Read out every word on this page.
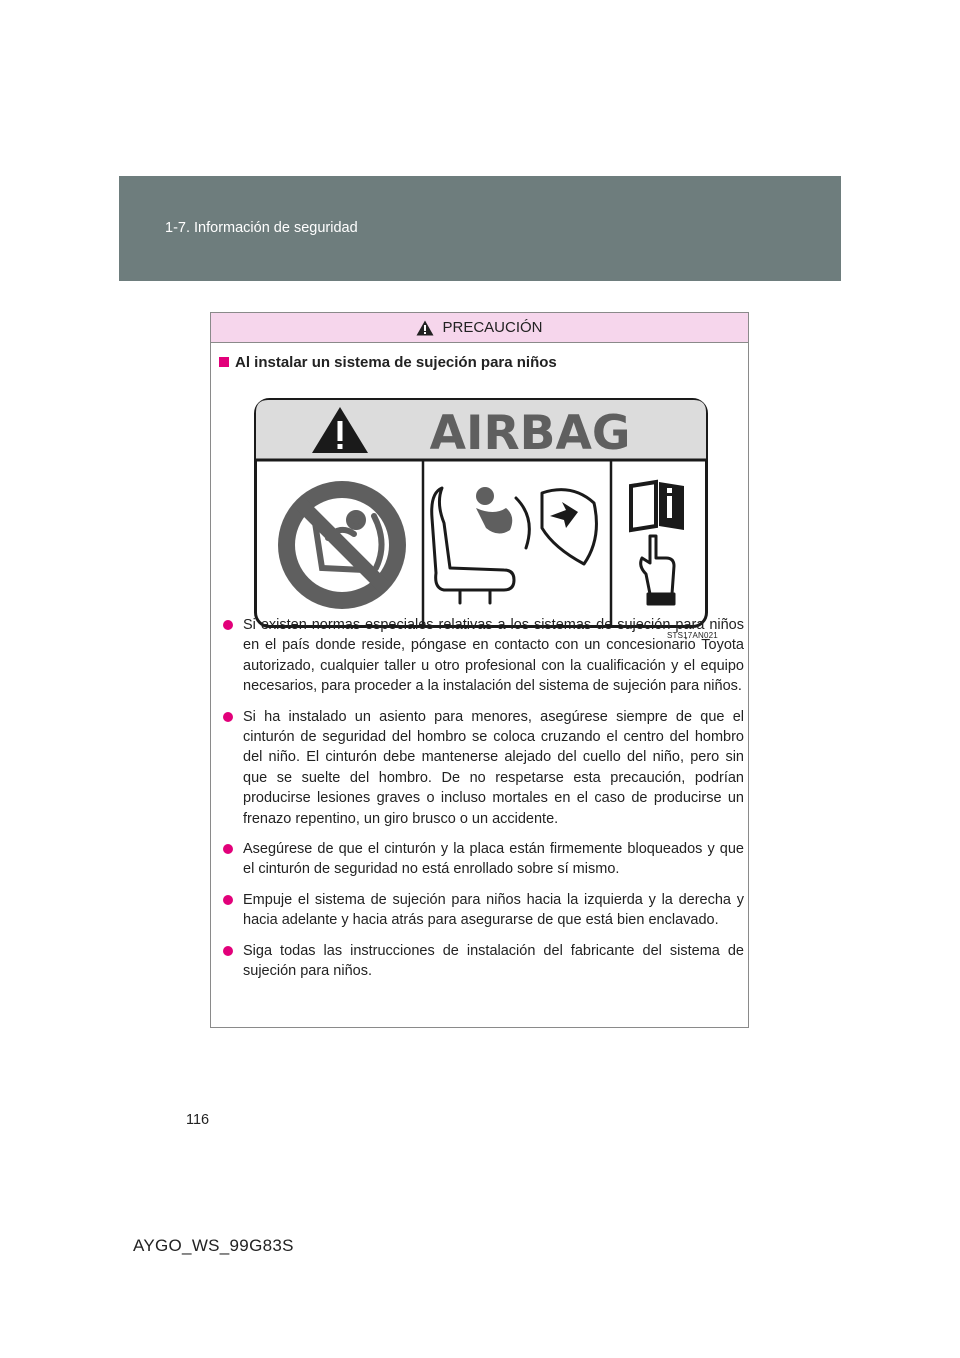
1-7. Información de seguridad
PRECAUCIÓN
Al instalar un sistema de sujeción para niños
AIRBAG
STS17AN021
Si existen normas especiales relativas a los sistemas de sujeción para niños en el país donde reside, póngase en contacto con un concesionario Toyota autorizado, cualquier taller u otro profesional con la cualificación y el equipo necesarios, para proceder a la instalación del sistema de sujeción para niños.
Si ha instalado un asiento para menores, asegúrese siempre de que el cinturón de seguridad del hombro se coloca cruzando el centro del hombro del niño. El cinturón debe mantenerse alejado del cuello del niño, pero sin que se suelte del hombro. De no respetarse esta precaución, podrían producirse lesiones graves o incluso mortales en el caso de producirse un frenazo repentino, un giro brusco o un accidente.
Asegúrese de que el cinturón y la placa están firmemente bloqueados y que el cinturón de seguridad no está enrollado sobre sí mismo.
Empuje el sistema de sujeción para niños hacia la izquierda y la derecha y hacia adelante y hacia atrás para asegurarse de que está bien enclavado.
Siga todas las instrucciones de instalación del fabricante del sistema de sujeción para niños.
116
AYGO_WS_99G83S
